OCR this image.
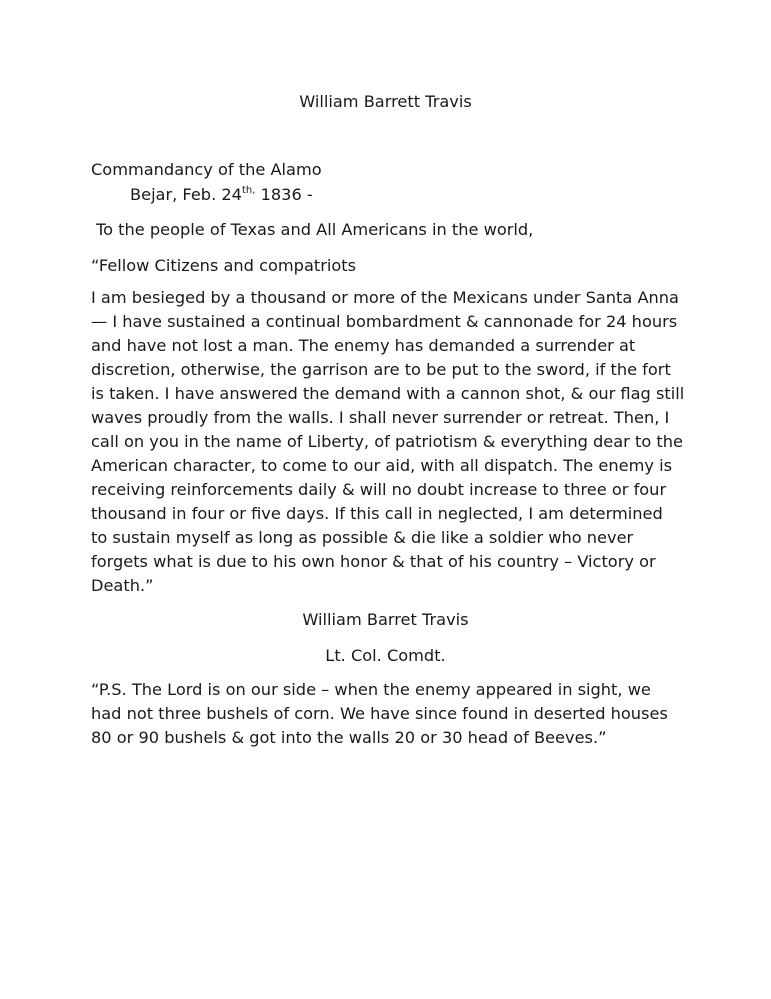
William Barrett Travis
Commandancy of the Alamo
Bejar, Feb. $24^{th,}$ 1836 -
To the people of Texas and All Americans in the world,
“Fellow Citizens and compatriots
I am besieged by a thousand or more of the Mexicans under Santa Anna
— I have sustained a continual bombardment & cannonade for 24 hours
and have not lost a man. The enemy has demanded a surrender at
discretion, otherwise, the garrison are to be put to the sword, if the fort
is taken. I have answered the demand with a cannon shot, & our flag still
waves proudly from the walls. I shall never surrender or retreat. Then, I
call on you in the name of Liberty, of patriotism & everything dear to the
American character, to come to our aid, with all dispatch. The enemy is
receiving reinforcements daily & will no doubt increase to three or four
thousand in four or five days. If this call in neglected, I am determined
to sustain myself as long as possible & die like a soldier who never
forgets what is due to his own honor & that of his country – Victory or
Death.”
William Barret Travis
Lt. Col. Comdt.
“P.S. The Lord is on our side – when the enemy appeared in sight, we
had not three bushels of corn. We have since found in deserted houses
80 or 90 bushels & got into the walls 20 or 30 head of Beeves.”
